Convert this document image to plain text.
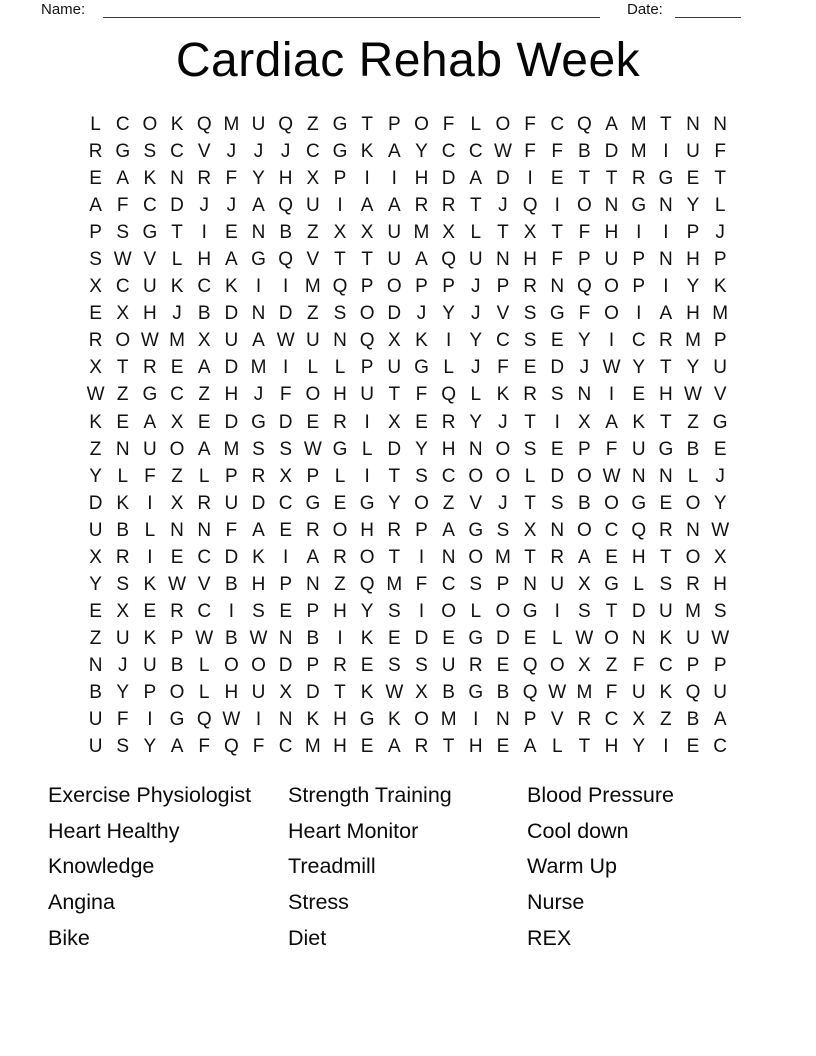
Name:	Date:
Cardiac Rehab Week
L C O K Q M U Q Z G T P O F L O F C Q A M T N N
R G S C V J J J C G K A Y C C W F F B D M I U F
E A K N R F Y H X P I	I H D A D I E T T R G E T
A F C D J J A Q U I A A R R T J Q I O N G N Y L
P S G T I E N B Z X X U M X L T X T F H I	I P J
S W V L H A G Q V T T U A Q U N H F P U P N H P
X C U K C K I	I M Q P O P P J P R N Q O P I Y K
E X H J B D N D Z S O D J Y J V S G F O I A H M
R O W M X U A W U N Q X K I Y C S E Y I C R M P
X T R E A D M I	L L P U G L J F E D J W Y T Y U
W Z G C Z H J F O H U T F Q L K R S N I E H W V
K E A X E D G D E R I X E R Y J T I X A K T Z G
Z N U O A M S S W G L D Y H N O S E P F U G B E
Y L F Z L P R X P L	I T S C O O L D O W N N L J
D K I X R U D C G E G Y O Z V J T S B O G E O Y
U B L N N F A E R O H R P A G S X N O C Q R N W
X R I E C D K I A R O T I N O M T R A E H T O X
Y S K W V B H P N Z Q M F C S P N U X G L S R H
E X E R C I S E P H Y S I O L O G I S T D U M S
Z U K P W B W N B I K E D E G D E L W O N K U W
N J U B L O O D P R E S S U R E Q O X Z F C P P
B Y P O L H U X D T K W X B G B Q W M F U K Q U
U F I G Q W I N K H G K O M I N P V R C X Z B A
U S Y A F Q F C M H E A R T H E A L T H Y I E C
Exercise Physiologist
Heart Healthy
Knowledge
Angina
Bike
Strength Training
Heart Monitor
Treadmill
Stress
Diet
Blood Pressure
Cool down
Warm Up
Nurse
REX
